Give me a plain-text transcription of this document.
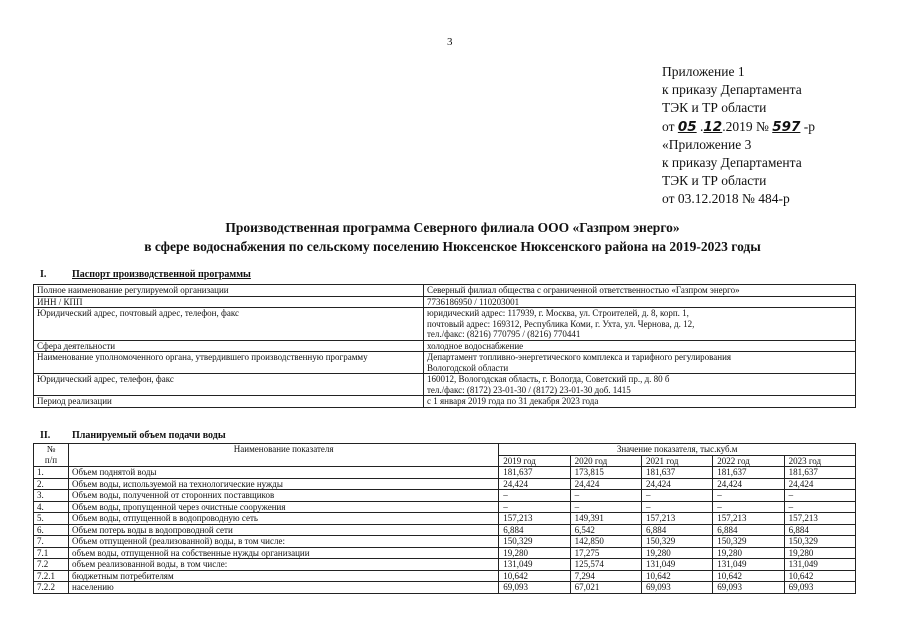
3
Приложение 1
к приказу Департамента
ТЭК и ТР области
от 05 .12.2019 № 597 -р
«Приложение 3
к приказу Департамента
ТЭК и ТР области
от 03.12.2018 № 484-р
Производственная программа Северного филиала ООО «Газпром энерго»
в сфере водоснабжения по сельскому поселению Нюксенское Нюксенского района на 2019-2023 годы
I.	Паспорт производственной программы
Полное наименование регулируемой организации	Северный филиал общества с ограниченной ответственностью «Газпром энерго»

ИНН / КПП	7736186950 / 110203001

Юридический адрес, почтовый адрес, телефон, факс	юридический адрес: 117939, г. Москва, ул. Строителей, д. 8, корп. 1,
почтовый адрес: 169312, Республика Коми, г. Ухта, ул. Чернова, д. 12,
тел./факс: (8216) 770795 / (8216) 770441

Сфера деятельности	холодное водоснабжение

Наименование уполномоченного органа, утвердившего производственную программу	Департамент топливно-энергетического комплекса и тарифного регулирования
Вологодской области

Юридический адрес, телефон, факс	160012, Вологодская область, г. Вологда, Советский пр., д. 80 б
тел./факс: (8172) 23-01-30 / (8172) 23-01-30 доб. 1415

Период реализации	с 1 января 2019 года по 31 декабря 2023 года
II. Планируемый объем подачи воды
№
п/п	Наименование показателя	Значение показателя, тыс.куб.м				
		2019 год	2020 год	2021 год	2022 год	2023 год
1.	Объем поднятой воды	181,637	173,815	181,637	181,637	181,637
2.	Объем воды, используемой на технологические нужды	24,424	24,424	24,424	24,424	24,424
3.	Объем воды, полученной от сторонних поставщиков	–	–	–	–	–
4.	Объем воды, пропущенной через очистные сооружения	–	–	–	–	–
5.	Объем воды, отпущенной в водопроводную сеть	157,213	149,391	157,213	157,213	157,213
6.	Объем потерь воды в водопроводной сети	6,884	6,542	6,884	6,884	6,884
7.	Объем отпущенной (реализованной) воды, в том числе:	150,329	142,850	150,329	150,329	150,329
7.1	объем воды, отпущенной на собственные нужды организации	19,280	17,275	19,280	19,280	19,280
7.2	объем реализованной воды, в том числе:	131,049	125,574	131,049	131,049	131,049
7.2.1	бюджетным потребителям	10,642	7,294	10,642	10,642	10,642
7.2.2	населению	69,093	67,021	69,093	69,093	69,093
